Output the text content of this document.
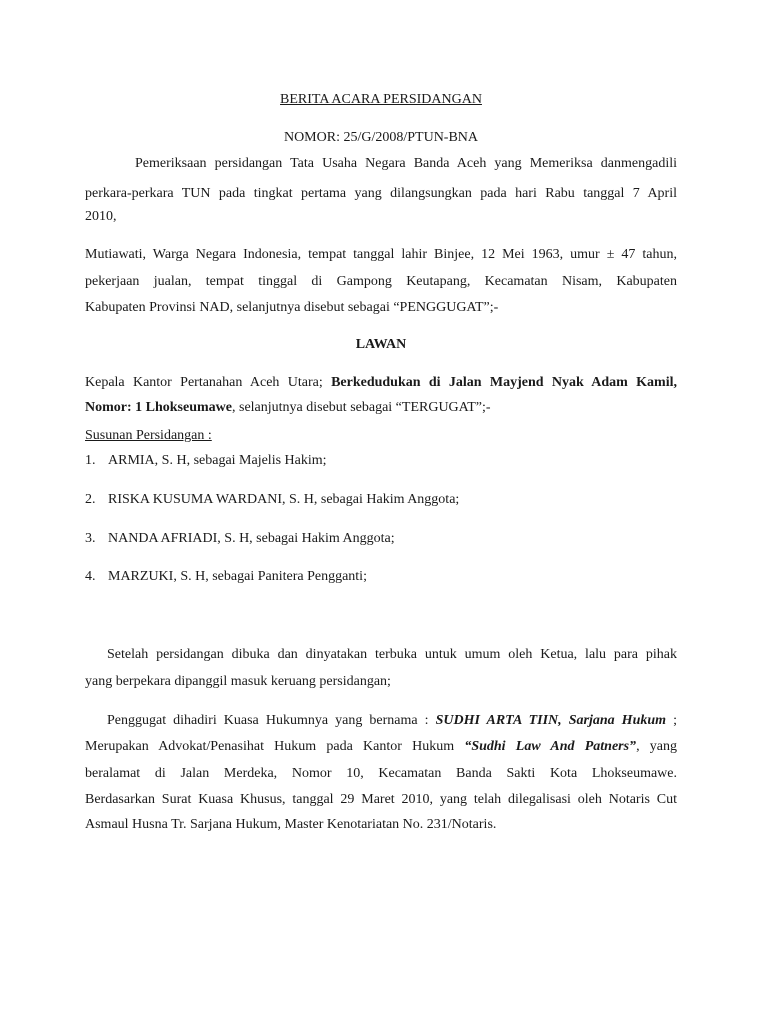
BERITA ACARA PERSIDANGAN
NOMOR: 25/G/2008/PTUN-BNA
Pemeriksaan persidangan Tata Usaha Negara Banda Aceh yang Memeriksa danmengadili
perkara-perkara TUN pada tingkat pertama yang dilangsungkan pada hari Rabu tanggal 7 April
2010,
Mutiawati, Warga Negara Indonesia, tempat tanggal lahir Binjee, 12 Mei 1963, umur ± 47 tahun,
pekerjaan jualan, tempat tinggal di Gampong Keutapang, Kecamatan Nisam, Kabupaten
Kabupaten Provinsi NAD, selanjutnya disebut sebagai “PENGGUGAT”;-
LAWAN
Kepala Kantor Pertanahan Aceh Utara; Berkedudukan di Jalan Mayjend Nyak Adam Kamil,
Nomor: 1 Lhokseumawe, selanjutnya disebut sebagai “TERGUGAT”;-
Susunan Persidangan :
1. ARMIA, S. H, sebagai Majelis Hakim;
2. RISKA KUSUMA WARDANI, S. H, sebagai Hakim Anggota;
3. NANDA AFRIADI, S. H, sebagai Hakim Anggota;
4. MARZUKI, S. H, sebagai Panitera Pengganti;
Setelah persidangan dibuka dan dinyatakan terbuka untuk umum oleh Ketua, lalu para pihak
yang berpekara dipanggil masuk keruang persidangan;
Penggugat dihadiri Kuasa Hukumnya yang bernama : SUDHI ARTA TIIN, Sarjana Hukum ;
Merupakan Advokat/Penasihat Hukum pada Kantor Hukum “Sudhi Law And Patners”, yang
beralamat di Jalan Merdeka, Nomor 10, Kecamatan Banda Sakti Kota Lhokseumawe.
Berdasarkan Surat Kuasa Khusus, tanggal 29 Maret 2010, yang telah dilegalisasi oleh Notaris Cut
Asmaul Husna Tr. Sarjana Hukum, Master Kenotariatan No. 231/Notaris.
